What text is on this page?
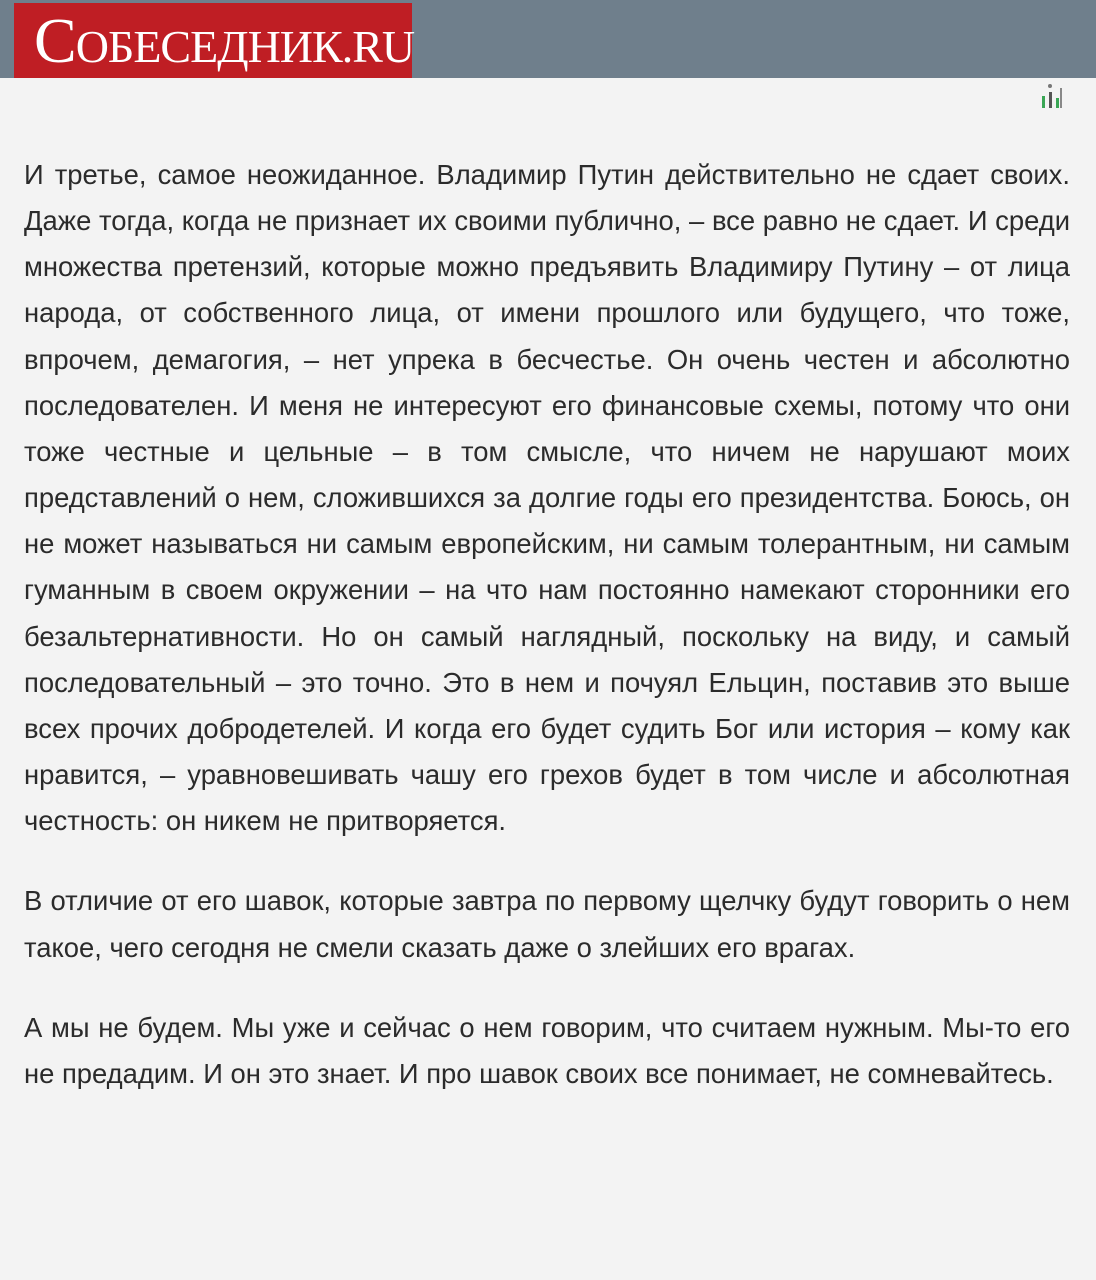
СОБЕСЕДНИК.RU

И третье, самое неожиданное. Владимир Путин действительно не сдает своих. Даже тогда, когда не признает их своими публично, – все равно не сдает. И среди множества претензий, которые можно предъявить Владимиру Путину – от лица народа, от собственного лица, от имени прошлого или будущего, что тоже, впрочем, демагогия, – нет упрека в бесчестье. Он очень честен и абсолютно последователен. И меня не интересуют его финансовые схемы, потому что они тоже честные и цельные – в том смысле, что ничем не нарушают моих представлений о нем, сложившихся за долгие годы его президентства. Боюсь, он не может называться ни самым европейским, ни самым толерантным, ни самым гуманным в своем окружении – на что нам постоянно намекают сторонники его безальтернативности. Но он самый наглядный, поскольку на виду, и самый последовательный – это точно. Это в нем и почуял Ельцин, поставив это выше всех прочих добродетелей. И когда его будет судить Бог или история – кому как нравится, – уравновешивать чашу его грехов будет в том числе и абсолютная честность: он никем не притворяется.

В отличие от его шавок, которые завтра по первому щелчку будут говорить о нем такое, чего сегодня не смели сказать даже о злейших его врагах.

А мы не будем. Мы уже и сейчас о нем говорим, что считаем нужным. Мы-то его не предадим. И он это знает. И про шавок своих все понимает, не сомневайтесь.
